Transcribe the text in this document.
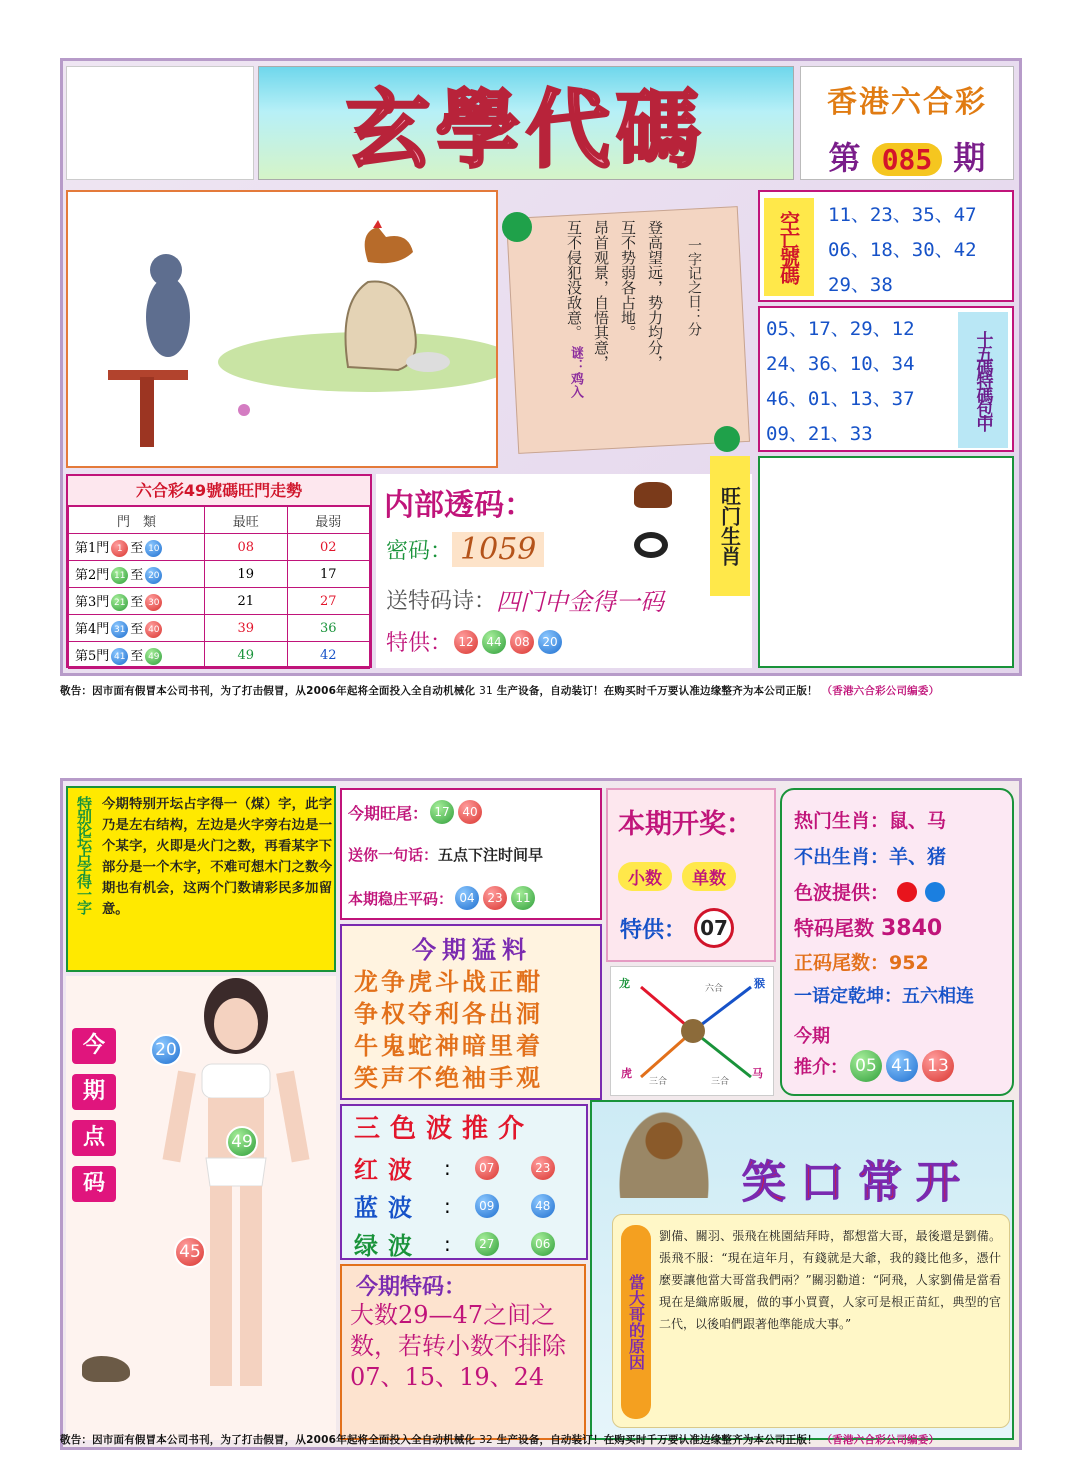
玄學代碼	香港六合彩
第 085 期
一字记之日：分
登高望远，势力均分，
互不势弱各占地。
昂首观景，自悟其意，
互不侵犯没敌意。
谜：鸡入
空亡號碼	11、23、35、47
06、18、30、42
29、38
05、17、29、12
24、36、10、34
46、01、13、37
09、21、33
十五碼特碼包中
六合彩49號碼旺門走勢
門　類	最旺	最弱
第1門 1 至 10	08	02
第2門 11 至 20	19	17
第3門 21 至 30	21	27
第4門 31 至 40	39	36
第5門 41 至 49	49	42
内部透码：	旺门生肖
密码： 1059
送特码诗： 四门中金得一码
特供： 12	44	08	20
敬告：因市面有假冒本公司书刊，为了打击假冒，从2006年起将全面投入全自动机械化 31 生产设备，自动装订！在购买时千万要认准边缘整齐为本公司正版！ （香港六合彩公司编委）
特别论坛占字得一字 今期特别开坛占字得一（煤）字，此字乃是左右结构，左边是火字旁右边是一个某字，火即是火门之数，再看某字下部分是一个木字，不难可想木门之数今期也有机会，这两个门数请彩民多加留意。
今
期
点
码
20
49
45
今期旺尾： 17	40
送你一句话：五点下注时间早
本期稳庄平码： 04	23	11
本期开奖：
小数	单数
特供： 07
今期猛料
龙争虎斗战正酣
争权夺利各出洞
牛鬼蛇神暗里着
笑声不绝袖手观
龙	猴
虎	马
六合
三合	三合
热门生肖：鼠、马
不出生肖：羊、猪
色波提供：
特码尾数 3840
正码尾数：952
一语定乾坤：五六相连
今期
推介： 05 41 13
三色波推介
红波	:	07	23
蓝波	:	09	48
绿波	:	27	06
今期特码：
大数29—47之间之数，若转小数不排除07、15、19、24
笑口常开
當大哥的原因
劉備、關羽、張飛在桃園結拜時，都想當大哥，最後還是劉備。張飛不服：“現在這年月，有錢就是大爺，我的錢比他多，憑什麼要讓他當大哥當我們兩？”關羽勸道：“阿飛，人家劉備是當看現在是織席販履，做的事小買賣，人家可是根正苗紅，典型的官二代，以後咱們跟著他準能成大事。”
敬告：因市面有假冒本公司书刊，为了打击假冒，从2006年起将全面投入全自动机械化 32 生产设备，自动装订！在购买时千万要认准边缘整齐为本公司正版！ （香港六合彩公司编委）
